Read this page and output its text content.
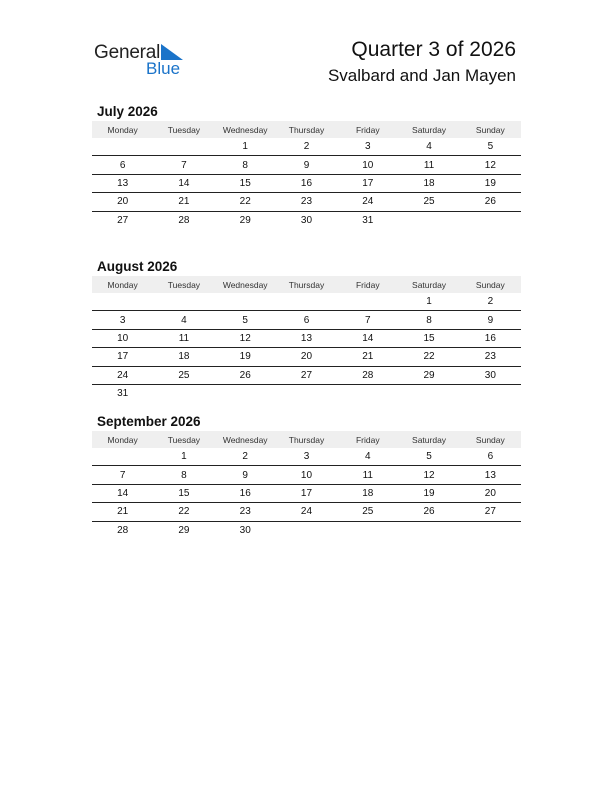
General
Blue
Quarter 3 of 2026
Svalbard and Jan Mayen
July 2026
Monday	Tuesday	Wednesday	Thursday	Friday	Saturday	Sunday
		1	2	3	4	5
6	7	8	9	10	11	12
13	14	15	16	17	18	19
20	21	22	23	24	25	26
27	28	29	30	31		
August 2026
Monday	Tuesday	Wednesday	Thursday	Friday	Saturday	Sunday
					1	2
3	4	5	6	7	8	9
10	11	12	13	14	15	16
17	18	19	20	21	22	23
24	25	26	27	28	29	30
31						
September 2026
Monday	Tuesday	Wednesday	Thursday	Friday	Saturday	Sunday
	1	2	3	4	5	6
7	8	9	10	11	12	13
14	15	16	17	18	19	20
21	22	23	24	25	26	27
28	29	30				
